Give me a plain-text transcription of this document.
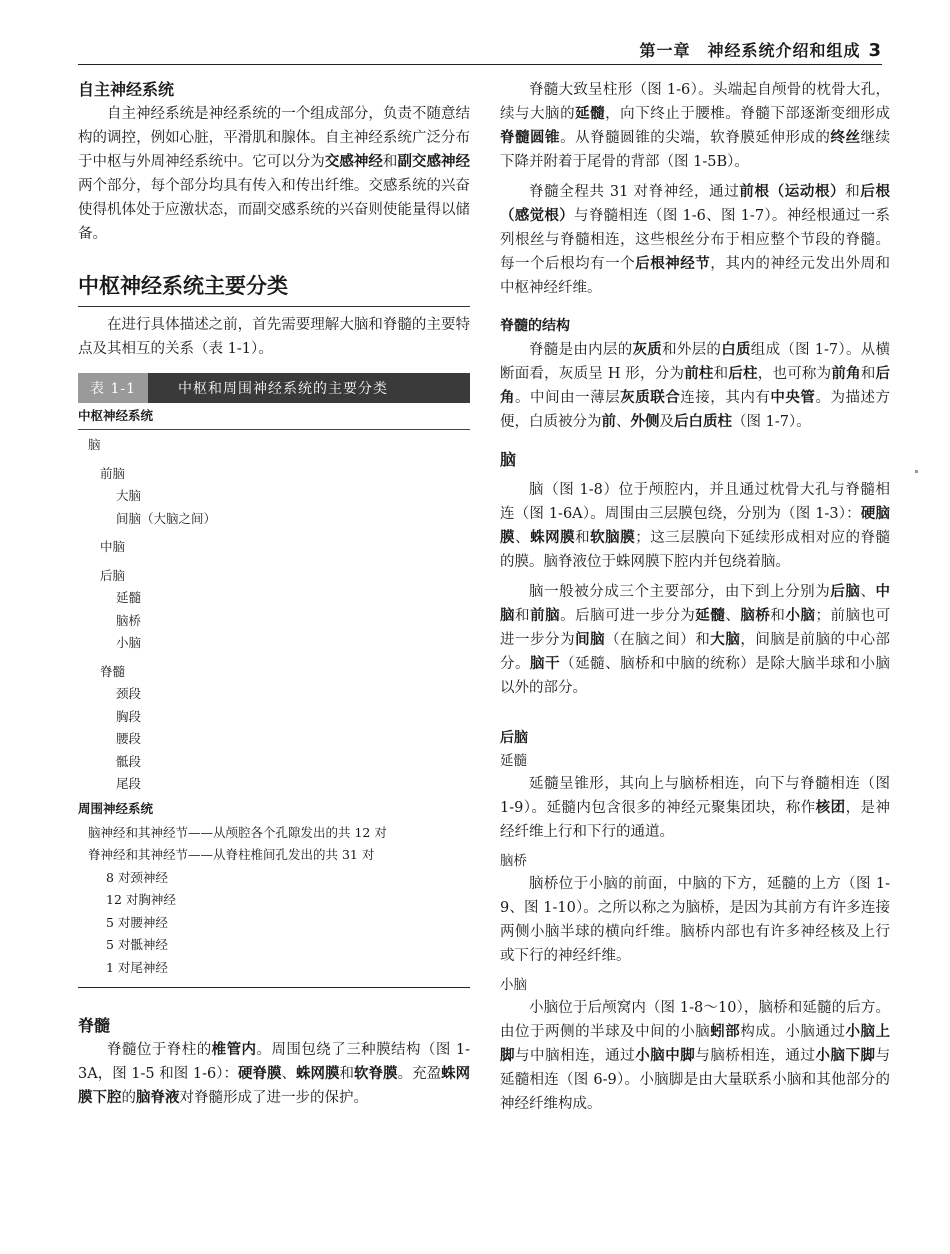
第一章　神经系统介绍和组成 3
自主神经系统

自主神经系统是神经系统的一个组成部分，负责不随意结构的调控，例如心脏，平滑肌和腺体。自主神经系统广泛分布于中枢与外周神经系统中。它可以分为交感神经和副交感神经两个部分，每个部分均具有传入和传出纤维。交感系统的兴奋使得机体处于应激状态，而副交感系统的兴奋则使能量得以储备。

中枢神经系统主要分类

在进行具体描述之前，首先需要理解大脑和脊髓的主要特点及其相互的关系（表 1-1）。

表 1-1	中枢和周围神经系统的主要分类
中枢神经系统
脑
前脑
大脑
间脑（大脑之间）
中脑
后脑
延髓
脑桥
小脑
脊髓
颈段
胸段
腰段
骶段
尾段
周围神经系统
脑神经和其神经节——从颅腔各个孔隙发出的共 12 对
脊神经和其神经节——从脊柱椎间孔发出的共 31 对
8 对颈神经
12 对胸神经
5 对腰神经
5 对骶神经
1 对尾神经
脊髓

脊髓位于脊柱的椎管内。周围包绕了三种膜结构（图 1-3A，图 1-5 和图 1-6）：硬脊膜、蛛网膜和软脊膜。充盈蛛网膜下腔的脑脊液对脊髓形成了进一步的保护。

脊髓大致呈柱形（图 1-6）。头端起自颅骨的枕骨大孔，续与大脑的延髓，向下终止于腰椎。脊髓下部逐渐变细形成脊髓圆锥。从脊髓圆锥的尖端，软脊膜延伸形成的终丝继续下降并附着于尾骨的背部（图 1-5B）。

脊髓全程共 31 对脊神经，通过前根（运动根）和后根（感觉根）与脊髓相连（图 1-6、图 1-7）。神经根通过一系列根丝与脊髓相连，这些根丝分布于相应整个节段的脊髓。每一个后根均有一个后根神经节，其内的神经元发出外周和中枢神经纤维。

脊髓的结构

脊髓是由内层的灰质和外层的白质组成（图 1-7）。从横断面看，灰质呈 H 形，分为前柱和后柱，也可称为前角和后角。中间由一薄层灰质联合连接，其内有中央管。为描述方便，白质被分为前、外侧及后白质柱（图 1-7）。

脑

脑（图 1-8）位于颅腔内，并且通过枕骨大孔与脊髓相连（图 1-6A）。周围由三层膜包绕，分别为（图 1-3）：硬脑膜、蛛网膜和软脑膜；这三层膜向下延续形成相对应的脊髓的膜。脑脊液位于蛛网膜下腔内并包绕着脑。

脑一般被分成三个主要部分，由下到上分别为后脑、中脑和前脑。后脑可进一步分为延髓、脑桥和小脑；前脑也可进一步分为间脑（在脑之间）和大脑，间脑是前脑的中心部分。脑干（延髓、脑桥和中脑的统称）是除大脑半球和小脑以外的部分。

后脑
延髓

延髓呈锥形，其向上与脑桥相连，向下与脊髓相连（图 1-9）。延髓内包含很多的神经元聚集团块，称作核团，是神经纤维上行和下行的通道。

脑桥

脑桥位于小脑的前面，中脑的下方，延髓的上方（图 1-9、图 1-10）。之所以称之为脑桥，是因为其前方有许多连接两侧小脑半球的横向纤维。脑桥内部也有许多神经核及上行或下行的神经纤维。

小脑

小脑位于后颅窝内（图 1-8～10），脑桥和延髓的后方。由位于两侧的半球及中间的小脑蚓部构成。小脑通过小脑上脚与中脑相连，通过小脑中脚与脑桥相连，通过小脑下脚与延髓相连（图 6-9）。小脑脚是由大量联系小脑和其他部分的神经纤维构成。
